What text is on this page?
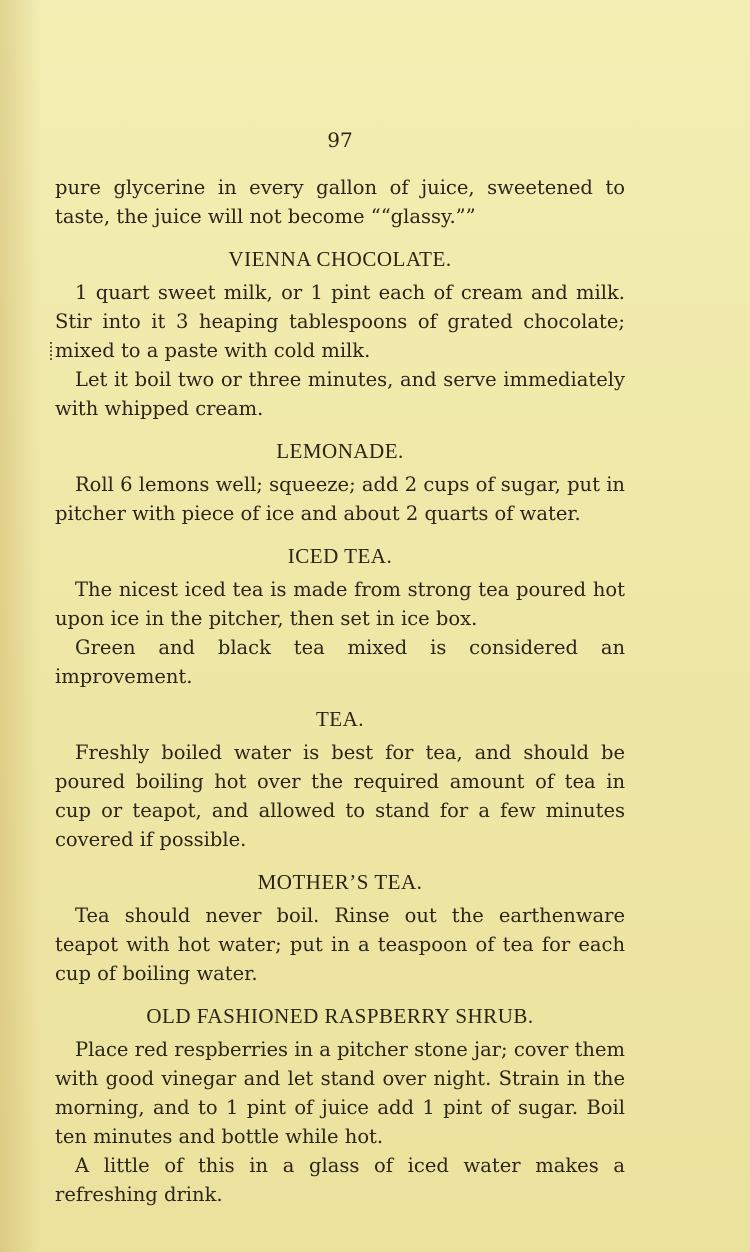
97

pure glycerine in every gallon of juice, sweetened to taste, the juice will not become ““glassy.””

VIENNA CHOCOLATE.

1 quart sweet milk, or 1 pint each of cream and milk. Stir into it 3 heaping tablespoons of grated chocolate; mixed to a paste with cold milk.

Let it boil two or three minutes, and serve immediately with whipped cream.

LEMONADE.

Roll 6 lemons well; squeeze; add 2 cups of sugar, put in pitcher with piece of ice and about 2 quarts of water.

ICED TEA.

The nicest iced tea is made from strong tea poured hot upon ice in the pitcher, then set in ice box.

Green and black tea mixed is considered an improvement.

TEA.

Freshly boiled water is best for tea, and should be poured boiling hot over the required amount of tea in cup or teapot, and allowed to stand for a few minutes covered if possible.

MOTHER’S TEA.

Tea should never boil. Rinse out the earthenware teapot with hot water; put in a teaspoon of tea for each cup of boiling water.

OLD FASHIONED RASPBERRY SHRUB.

Place red respberries in a pitcher stone jar; cover them with good vinegar and let stand over night. Strain in the morning, and to 1 pint of juice add 1 pint of sugar. Boil ten minutes and bottle while hot.

A little of this in a glass of iced water makes a refreshing drink.
